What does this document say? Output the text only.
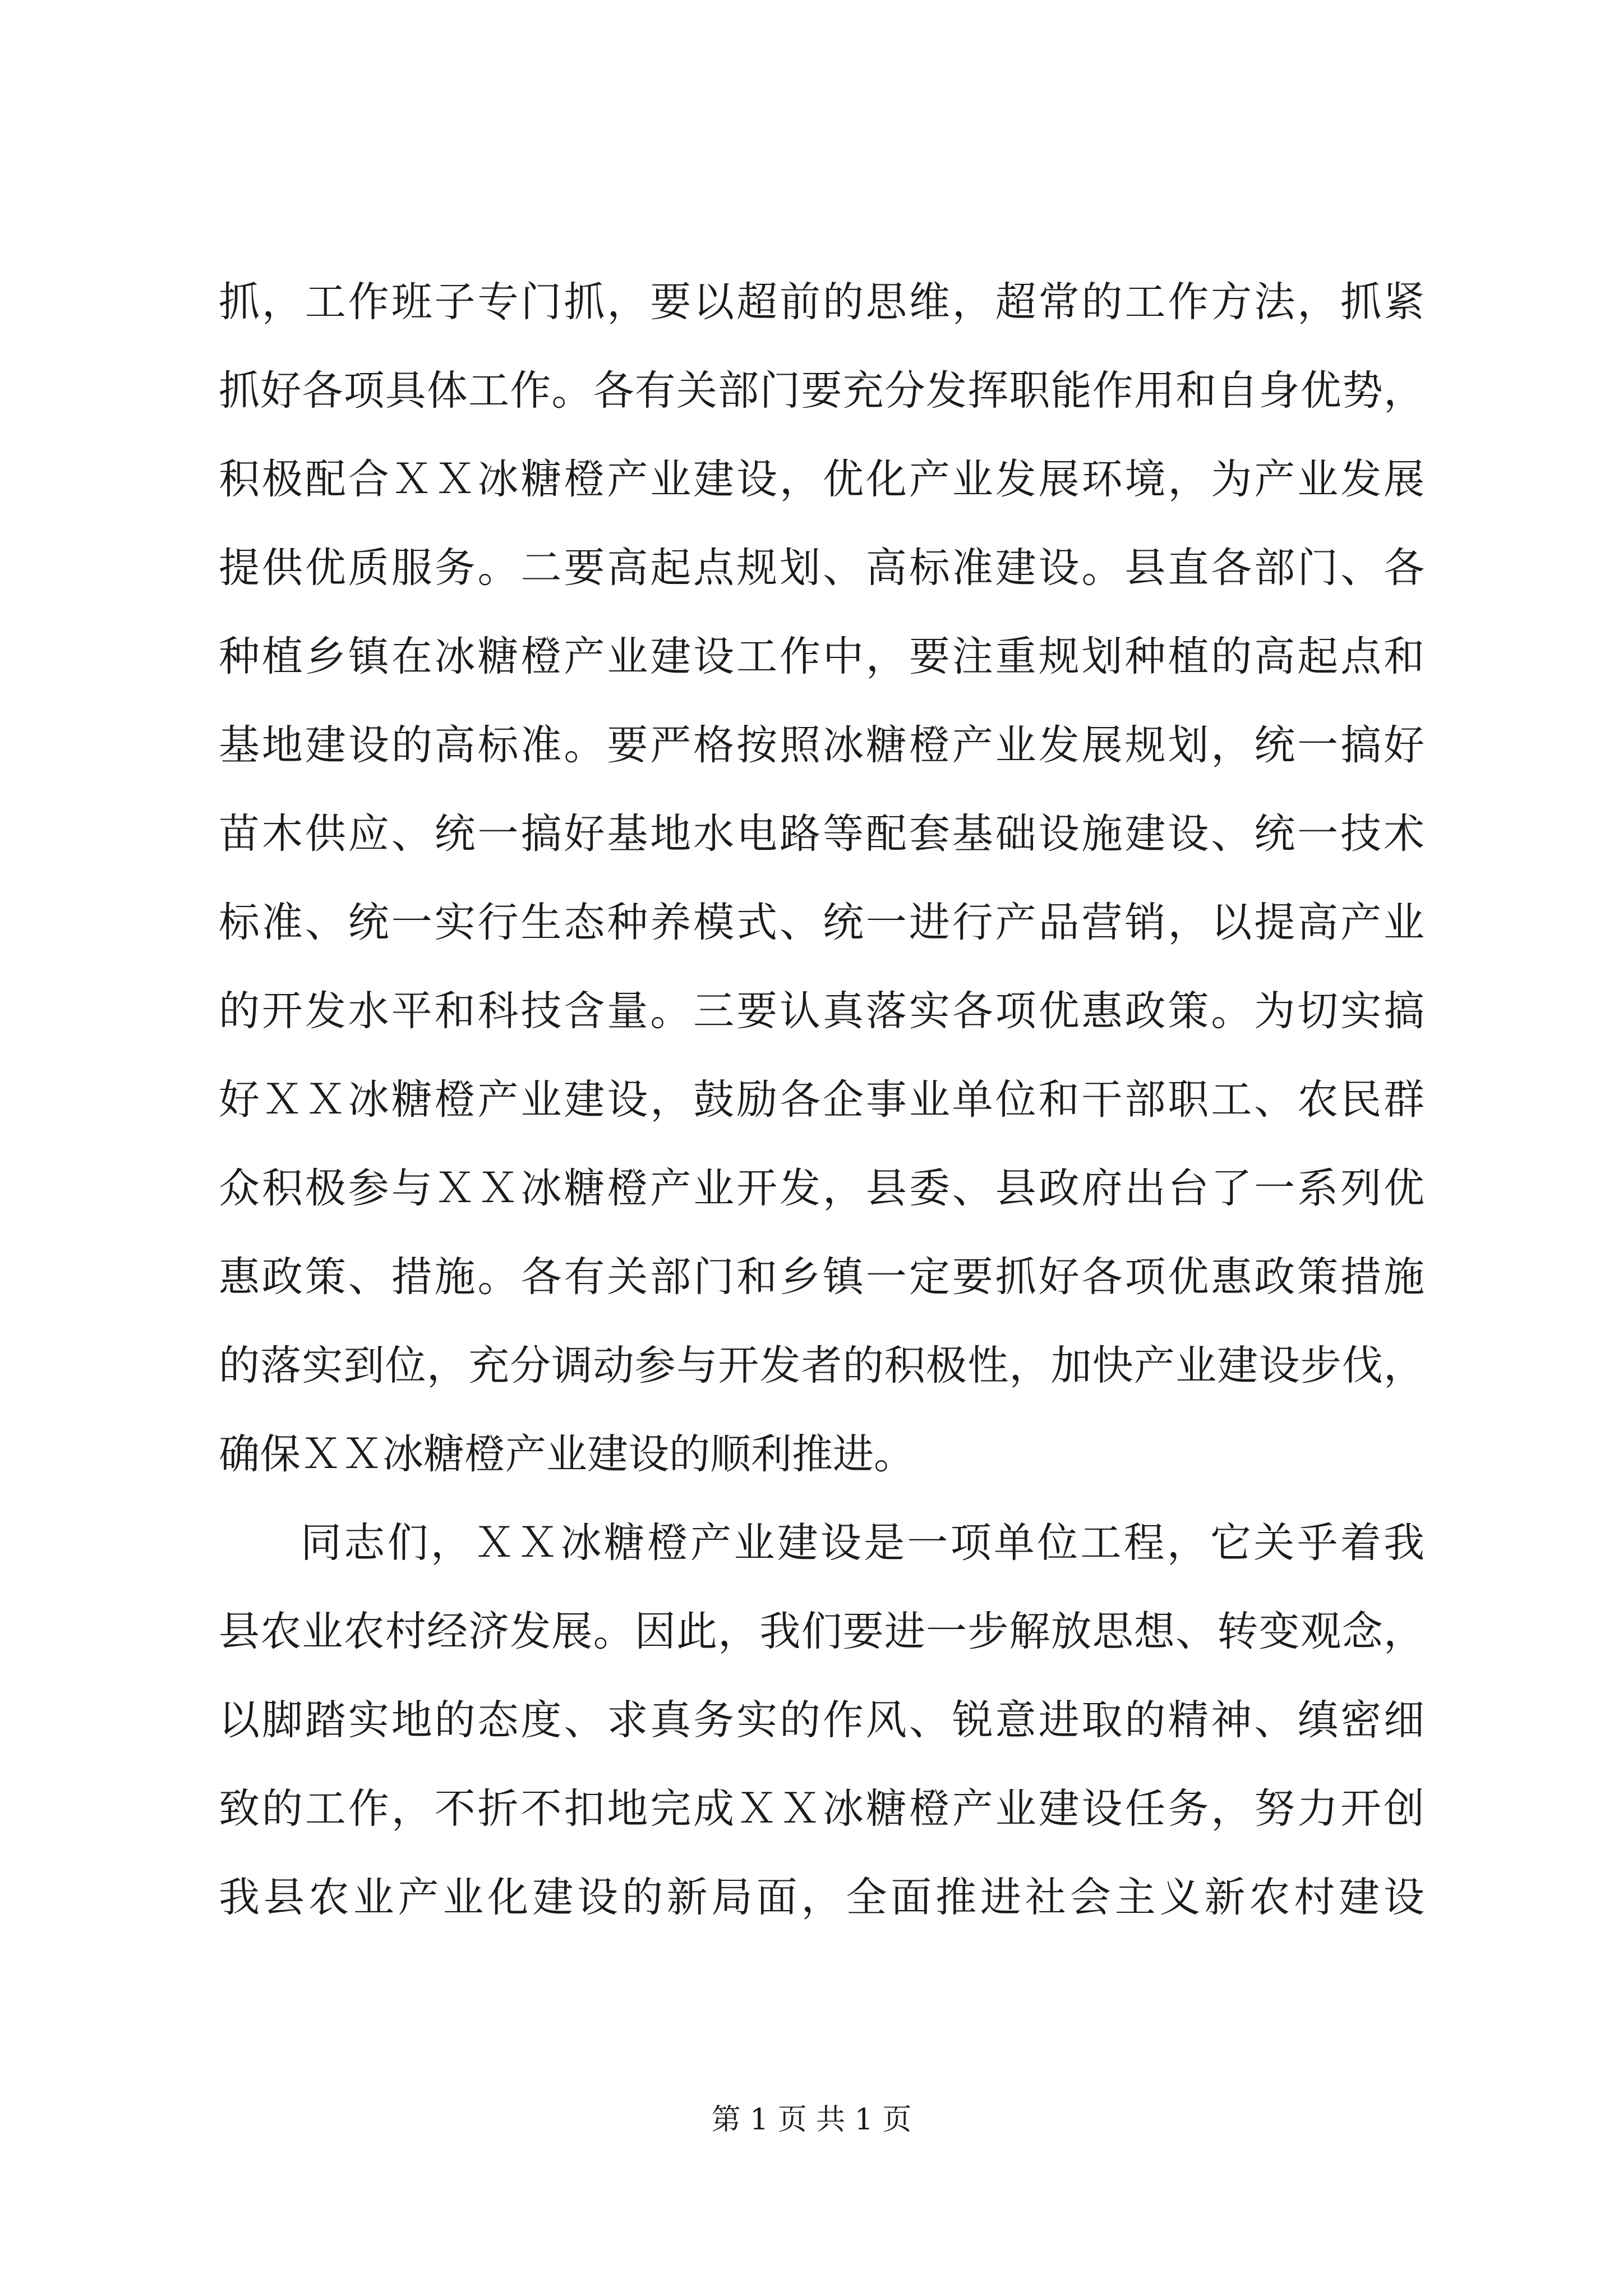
抓，工作班子专门抓，要以超前的思维，超常的工作方法，抓紧
抓好各项具体工作。各有关部门要充分发挥职能作用和自身优势，
积极配合ＸＸ冰糖橙产业建设，优化产业发展环境，为产业发展
提供优质服务。二要高起点规划、高标准建设。县直各部门、各
种植乡镇在冰糖橙产业建设工作中，要注重规划种植的高起点和
基地建设的高标准。要严格按照冰糖橙产业发展规划，统一搞好
苗木供应、统一搞好基地水电路等配套基础设施建设、统一技术
标准、统一实行生态种养模式、统一进行产品营销，以提高产业
的开发水平和科技含量。三要认真落实各项优惠政策。为切实搞
好ＸＸ冰糖橙产业建设，鼓励各企事业单位和干部职工、农民群
众积极参与ＸＸ冰糖橙产业开发，县委、县政府出台了一系列优
惠政策、措施。各有关部门和乡镇一定要抓好各项优惠政策措施
的落实到位，充分调动参与开发者的积极性，加快产业建设步伐，
确保ＸＸ冰糖橙产业建设的顺利推进。
同志们，ＸＸ冰糖橙产业建设是一项单位工程，它关乎着我
县农业农村经济发展。因此，我们要进一步解放思想、转变观念，
以脚踏实地的态度、求真务实的作风、锐意进取的精神、缜密细
致的工作，不折不扣地完成ＸＸ冰糖橙产业建设任务，努力开创
我县农业产业化建设的新局面，全面推进社会主义新农村建设
第 1 页 共 1 页
